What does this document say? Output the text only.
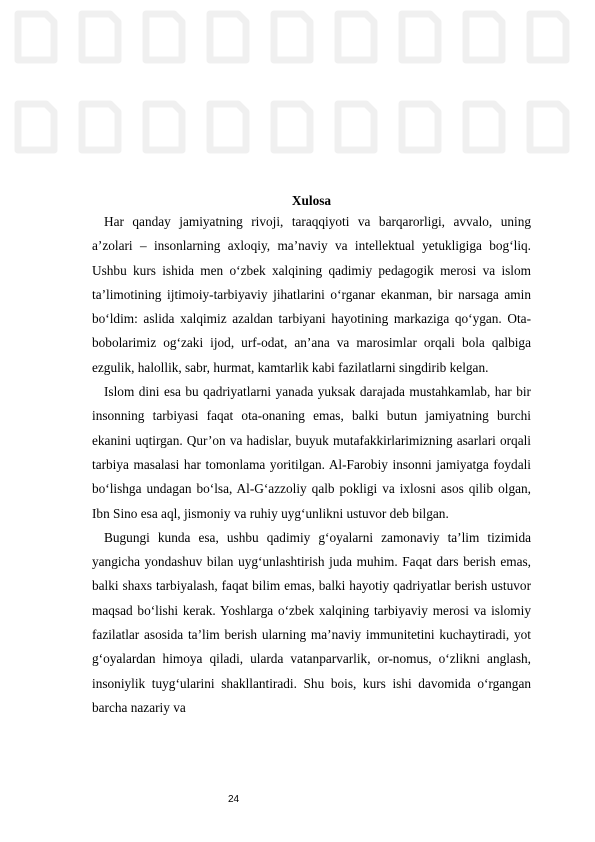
Xulosa

Har qanday jamiyatning rivoji, taraqqiyoti va barqarorligi, avvalo, uning a’zolari – insonlarning axloqiy, ma’naviy va intellektual yetukligiga bog‘liq. Ushbu kurs ishida men o‘zbek xalqining qadimiy pedagogik merosi va islom ta’limotining ijtimoiy-tarbiyaviy jihatlarini o‘rganar ekanman, bir narsaga amin bo‘ldim: aslida xalqimiz azaldan tarbiyani hayotining markaziga qo‘ygan. Ota-bobolarimiz og‘zaki ijod, urf-odat, an’ana va marosimlar orqali bola qalbiga ezgulik, halollik, sabr, hurmat, kamtarlik kabi fazilatlarni singdirib kelgan.

Islom dini esa bu qadriyatlarni yanada yuksak darajada mustahkamlab, har bir insonning tarbiyasi faqat ota-onaning emas, balki butun jamiyatning burchi ekanini uqtirgan. Qur’on va hadislar, buyuk mutafakkirlarimizning asarlari orqali tarbiya masalasi har tomonlama yoritilgan. Al-Farobiy insonni jamiyatga foydali bo‘lishga undagan bo‘lsa, Al-G‘azzoliy qalb pokligi va ixlosni asos qilib olgan, Ibn Sino esa aql, jismoniy va ruhiy uyg‘unlikni ustuvor deb bilgan.

Bugungi kunda esa, ushbu qadimiy g‘oyalarni zamonaviy ta’lim tizimida yangicha yondashuv bilan uyg‘unlashtirish juda muhim. Faqat dars berish emas, balki shaxs tarbiyalash, faqat bilim emas, balki hayotiy qadriyatlar berish ustuvor maqsad bo‘lishi kerak. Yoshlarga o‘zbek xalqining tarbiyaviy merosi va islomiy fazilatlar asosida ta’lim berish ularning ma’naviy immunitetini kuchaytiradi, yot g‘oyalardan himoya qiladi, ularda vatanparvarlik, or-nomus, o‘zlikni anglash, insoniylik tuyg‘ularini shakllantiradi. Shu bois, kurs ishi davomida o‘rgangan barcha nazariy va

24
